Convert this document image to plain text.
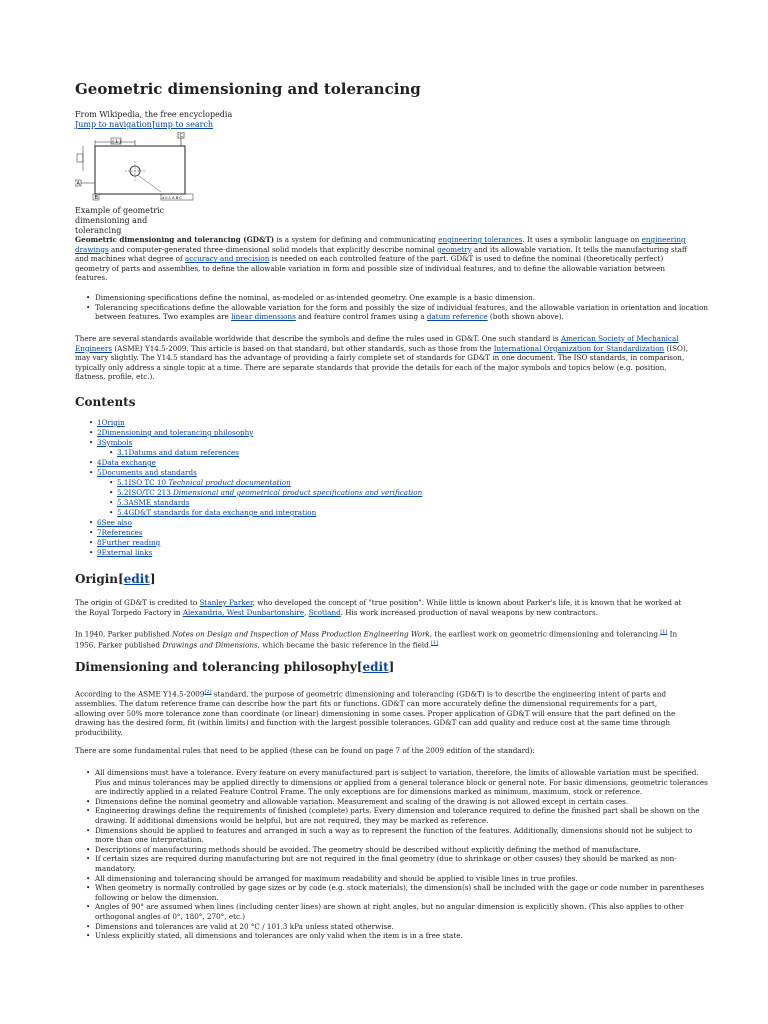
Geometric dimensioning and tolerancing
From Wikipedia, the free encyclopedia
Jump to navigationJump to search
C
[ 1 ]
A
B	⌀ 0.1 A B C
Example of geometric
dimensioning and tolerancing

Geometric dimensioning and tolerancing (GD&T) is a system for defining and communicating engineering tolerances. It uses a symbolic language on engineering drawings and computer-generated three-dimensional solid models that explicitly describe nominal geometry and its allowable variation. It tells the manufacturing staff and machines what degree of accuracy and precision is needed on each controlled feature of the part. GD&T is used to define the nominal (theoretically perfect) geometry of parts and assemblies, to define the allowable variation in form and possible size of individual features, and to define the allowable variation between features.

• Dimensioning specifications define the nominal, as-modeled or as-intended geometry. One example is a basic dimension.
• Tolerancing specifications define the allowable variation for the form and possibly the size of individual features, and the allowable variation in orientation and location between features. Two examples are linear dimensions and feature control frames using a datum reference (both shown above).

There are several standards available worldwide that describe the symbols and define the rules used in GD&T. One such standard is American Society of Mechanical Engineers (ASME) Y14.5-2009. This article is based on that standard, but other standards, such as those from the International Organization for Standardization (ISO), may vary slightly. The Y14.5 standard has the advantage of providing a fairly complete set of standards for GD&T in one document. The ISO standards, in comparison, typically only address a single topic at a time. There are separate standards that provide the details for each of the major symbols and topics below (e.g. position, flatness, profile, etc.).

Contents
• 1Origin
• 2Dimensioning and tolerancing philosophy
• 3Symbols
• 3.1Datums and datum references
• 4Data exchange
• 5Documents and standards
• 5.1ISO TC 10 Technical product documentation
• 5.2ISO/TC 213 Dimensional and geometrical product specifications and verification
• 5.3ASME standards
• 5.4GD&T standards for data exchange and integration
• 6See also
• 7References
• 8Further reading
• 9External links
Origin[edit]

The origin of GD&T is credited to Stanley Parker, who developed the concept of "true position". While little is known about Parker's life, it is known that he worked at the Royal Torpedo Factory in Alexandria, West Dunbartonshire, Scotland. His work increased production of naval weapons by new contractors.

In 1940, Parker published Notes on Design and Inspection of Mass Production Engineering Work, the earliest work on geometric dimensioning and tolerancing.[1] In 1956, Parker published Drawings and Dimensions, which became the basic reference in the field.[1]

Dimensioning and tolerancing philosophy[edit]

According to the ASME Y14.5-2009[2] standard, the purpose of geometric dimensioning and tolerancing (GD&T) is to describe the engineering intent of parts and assemblies. The datum reference frame can describe how the part fits or functions. GD&T can more accurately define the dimensional requirements for a part, allowing over 50% more tolerance zone than coordinate (or linear) dimensioning in some cases. Proper application of GD&T will ensure that the part defined on the drawing has the desired form, fit (within limits) and function with the largest possible tolerances. GD&T can add quality and reduce cost at the same time through producibility.

There are some fundamental rules that need to be applied (these can be found on page 7 of the 2009 edition of the standard):

• All dimensions must have a tolerance. Every feature on every manufactured part is subject to variation, therefore, the limits of allowable variation must be specified. Plus and minus tolerances may be applied directly to dimensions or applied from a general tolerance block or general note. For basic dimensions, geometric tolerances are indirectly applied in a related Feature Control Frame. The only exceptions are for dimensions marked as minimum, maximum, stock or reference.
• Dimensions define the nominal geometry and allowable variation. Measurement and scaling of the drawing is not allowed except in certain cases.
• Engineering drawings define the requirements of finished (complete) parts. Every dimension and tolerance required to define the finished part shall be shown on the drawing. If additional dimensions would be helpful, but are not required, they may be marked as reference.
• Dimensions should be applied to features and arranged in such a way as to represent the function of the features. Additionally, dimensions should not be subject to more than one interpretation.
• Descriptions of manufacturing methods should be avoided. The geometry should be described without explicitly defining the method of manufacture.
• If certain sizes are required during manufacturing but are not required in the final geometry (due to shrinkage or other causes) they should be marked as non-mandatory.
• All dimensioning and tolerancing should be arranged for maximum readability and should be applied to visible lines in true profiles.
• When geometry is normally controlled by gage sizes or by code (e.g. stock materials), the dimension(s) shall be included with the gage or code number in parentheses following or below the dimension.
• Angles of 90° are assumed when lines (including center lines) are shown at right angles, but no angular dimension is explicitly shown. (This also applies to other orthogonal angles of 0°, 180°, 270°, etc.)
• Dimensions and tolerances are valid at 20 °C / 101.3 kPa unless stated otherwise.
• Unless explicitly stated, all dimensions and tolerances are only valid when the item is in a free state.
